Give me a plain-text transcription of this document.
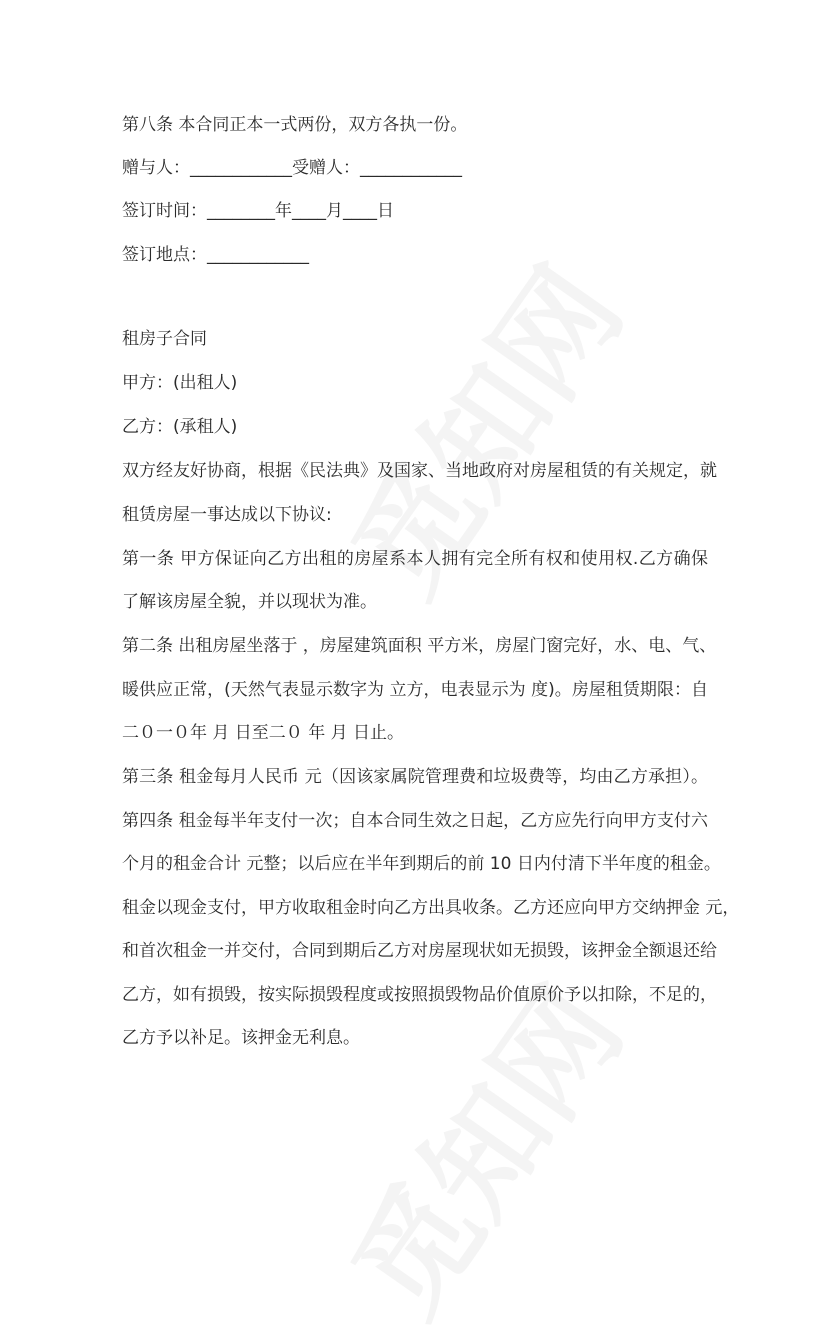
第八条 本合同正本一式两份，双方各执一份。
赠与人：____________受赠人：____________
签订时间：________年____月____日
签订地点：____________
租房子合同
甲方：(出租人)
乙方：(承租人)
双方经友好协商，根据《民法典》及国家、当地政府对房屋租赁的有关规定，就
租赁房屋一事达成以下协议:
第一条 甲方保证向乙方出租的房屋系本人拥有完全所有权和使用权.乙方确保
了解该房屋全貌，并以现状为准。
第二条 出租房屋坐落于 ，房屋建筑面积 平方米，房屋门窗完好，水、电、气、
暖供应正常，(天然气表显示数字为 立方，电表显示为 度)。房屋租赁期限：自
二０一０年 月 日至二０ 年 月 日止。
第三条 租金每月人民币 元（因该家属院管理费和垃圾费等，均由乙方承担）。
第四条 租金每半年支付一次；自本合同生效之日起，乙方应先行向甲方支付六
个月的租金合计 元整；以后应在半年到期后的前 10 日内付清下半年度的租金。
租金以现金支付，甲方收取租金时向乙方出具收条。乙方还应向甲方交纳押金 元，
和首次租金一并交付，合同到期后乙方对房屋现状如无损毁，该押金全额退还给
乙方，如有损毁，按实际损毁程度或按照损毁物品价值原价予以扣除，不足的，
乙方予以补足。该押金无利息。
